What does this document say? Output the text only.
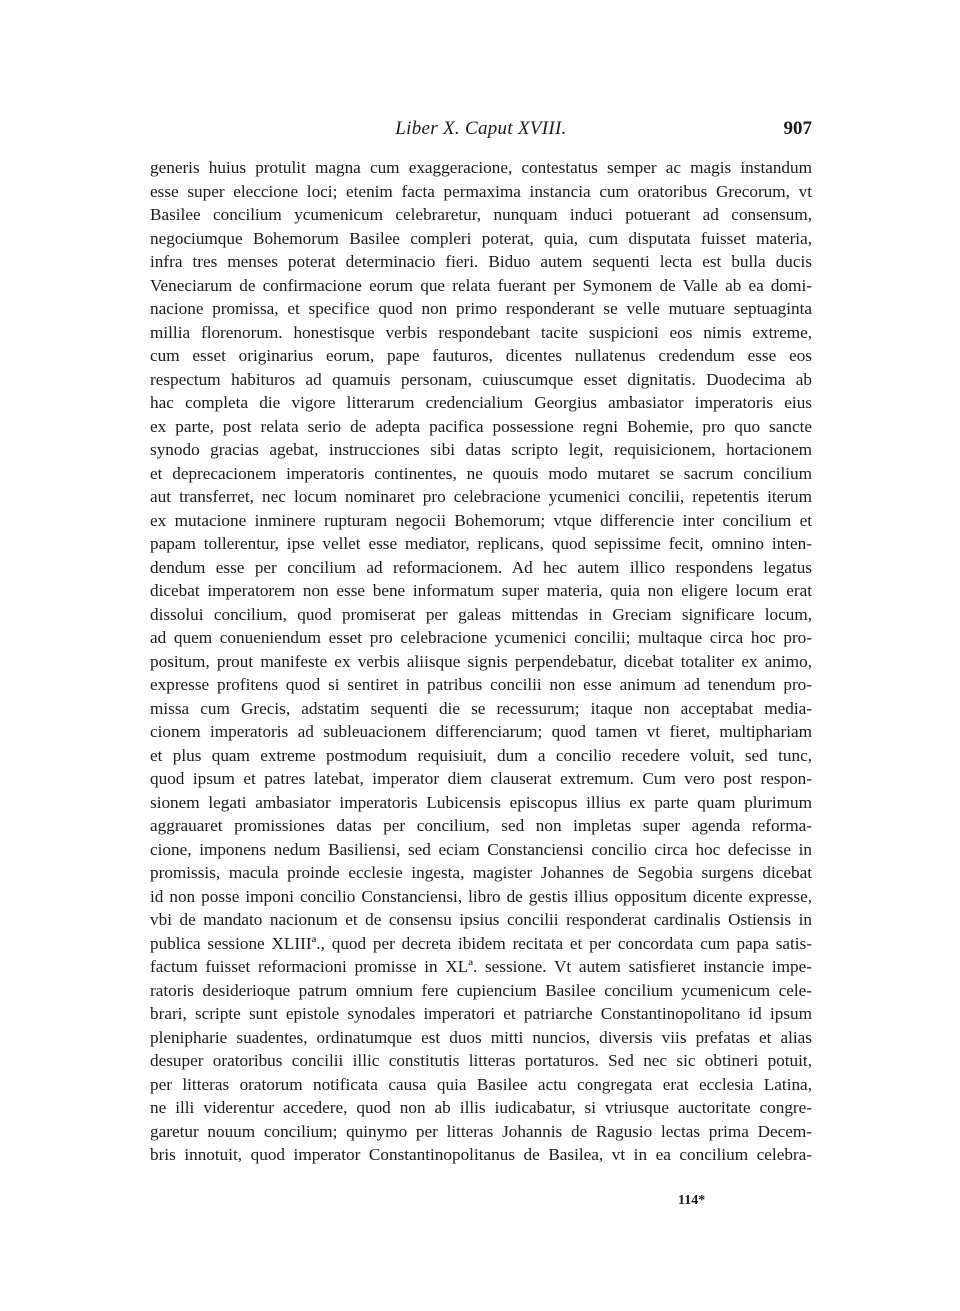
Liber X. Caput XVIII.	907
generis huius protulit magna cum exaggeracione, contestatus semper ac magis instandum
esse super eleccione loci; etenim facta permaxima instancia cum oratoribus Grecorum, vt
Basilee concilium ycumenicum celebraretur, nunquam induci potuerant ad consensum,
negociumque Bohemorum Basilee compleri poterat, quia, cum disputata fuisset materia,
infra tres menses poterat determinacio fieri. Biduo autem sequenti lecta est bulla ducis
Veneciarum de confirmacione eorum que relata fuerant per Symonem de Valle ab ea domi-
nacione promissa, et specifice quod non primo responderant se velle mutuare septuaginta
millia florenorum. honestisque verbis respondebant tacite suspicioni eos nimis extreme,
cum esset originarius eorum, pape fauturos, dicentes nullatenus credendum esse eos
respectum habituros ad quamuis personam, cuiuscumque esset dignitatis. Duodecima ab
hac completa die vigore litterarum credencialium Georgius ambasiator imperatoris eius
ex parte, post relata serio de adepta pacifica possessione regni Bohemie, pro quo sancte
synodo gracias agebat, instrucciones sibi datas scripto legit, requisicionem, hortacionem
et deprecacionem imperatoris continentes, ne quouis modo mutaret se sacrum concilium
aut transferret, nec locum nominaret pro celebracione ycumenici concilii, repetentis iterum
ex mutacione inminere rupturam negocii Bohemorum; vtque differencie inter concilium et
papam tollerentur, ipse vellet esse mediator, replicans, quod sepissime fecit, omnino inten-
dendum esse per concilium ad reformacionem. Ad hec autem illico respondens legatus
dicebat imperatorem non esse bene informatum super materia, quia non eligere locum erat
dissolui concilium, quod promiserat per galeas mittendas in Greciam significare locum,
ad quem conueniendum esset pro celebracione ycumenici concilii; multaque circa hoc pro-
positum, prout manifeste ex verbis aliisque signis perpendebatur, dicebat totaliter ex animo,
expresse profitens quod si sentiret in patribus concilii non esse animum ad tenendum pro-
missa cum Grecis, adstatim sequenti die se recessurum; itaque non acceptabat media-
cionem imperatoris ad subleuacionem differenciarum; quod tamen vt fieret, multiphariam
et plus quam extreme postmodum requisiuit, dum a concilio recedere voluit, sed tunc,
quod ipsum et patres latebat, imperator diem clauserat extremum. Cum vero post respon-
sionem legati ambasiator imperatoris Lubicensis episcopus illius ex parte quam plurimum
aggrauaret promissiones datas per concilium, sed non impletas super agenda reforma-
cione, imponens nedum Basiliensi, sed eciam Constanciensi concilio circa hoc defecisse in
promissis, macula proinde ecclesie ingesta, magister Johannes de Segobia surgens dicebat
id non posse imponi concilio Constanciensi, libro de gestis illius oppositum dicente expresse,
vbi de mandato nacionum et de consensu ipsius concilii responderat cardinalis Ostiensis in
publica sessione XLIIIª., quod per decreta ibidem recitata et per concordata cum papa satis-
factum fuisset reformacioni promisse in XLª. sessione. Vt autem satisfieret instancie impe-
ratoris desiderioque patrum omnium fere cupiencium Basilee concilium ycumenicum cele-
brari, scripte sunt epistole synodales imperatori et patriarche Constantinopolitano id ipsum
pleniphariе suadentes, ordinatumque est duos mitti nuncios, diversis viis prefatas et alias
desuper oratoribus concilii illic constitutis litteras portaturos. Sed nec sic obtineri potuit,
per litteras oratorum notificata causa quia Basilee actu congregata erat ecclesia Latina,
ne illi viderentur accedere, quod non ab illis iudicabatur, si vtriusque auctoritate congre-
garetur nouum concilium; quinymo per litteras Johannis de Ragusio lectas prima Decem-
bris innotuit, quod imperator Constantinopolitanus de Basilea, vt in ea concilium celebra-
114*
